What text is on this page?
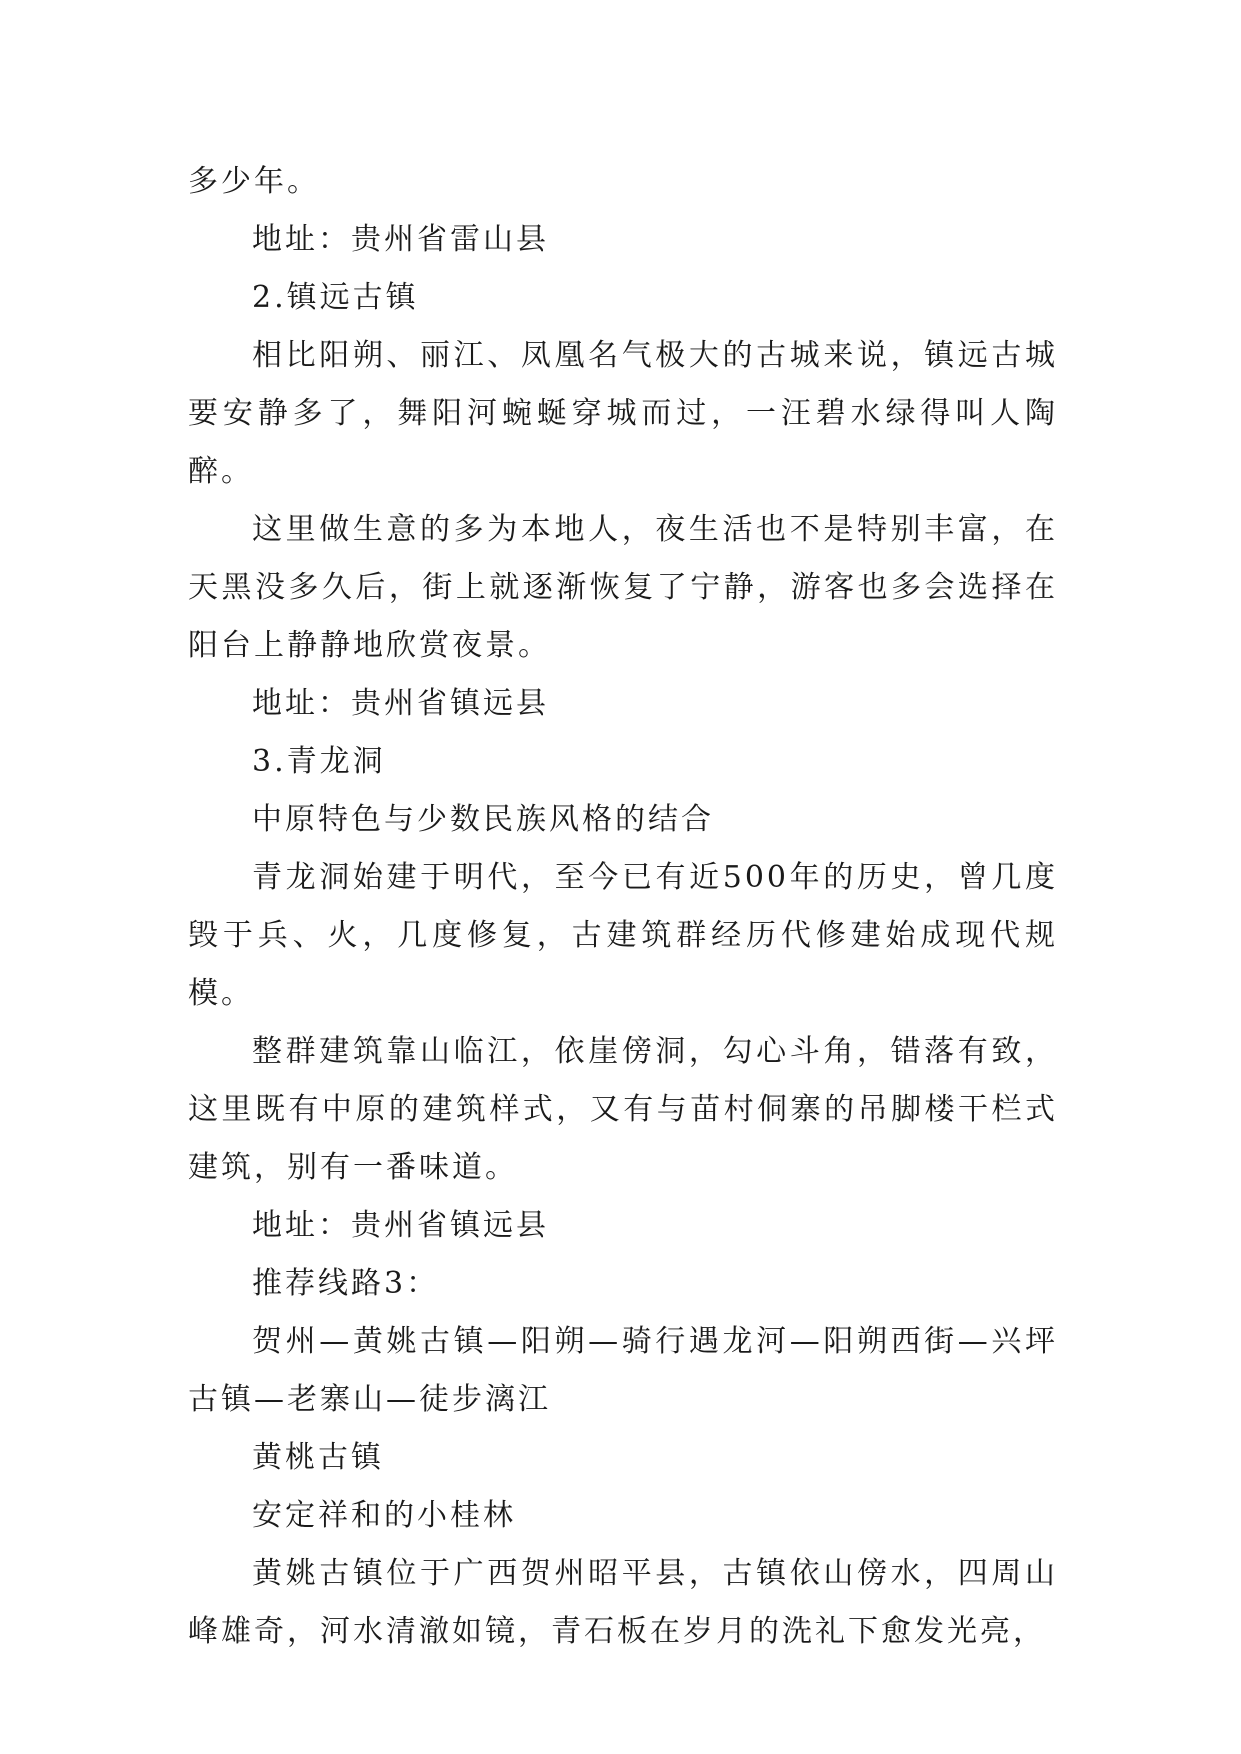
多少年。

地址：贵州省雷山县

2.镇远古镇

相比阳朔、丽江、凤凰名气极大的古城来说，镇远古城要安静多了，舞阳河蜿蜒穿城而过，一汪碧水绿得叫人陶醉。

这里做生意的多为本地人，夜生活也不是特别丰富，在天黑没多久后，街上就逐渐恢复了宁静，游客也多会选择在阳台上静静地欣赏夜景。

地址：贵州省镇远县

3.青龙洞

中原特色与少数民族风格的结合

青龙洞始建于明代，至今已有近500年的历史，曾几度毁于兵、火，几度修复，古建筑群经历代修建始成现代规模。

整群建筑靠山临江，依崖傍洞，勾心斗角，错落有致，这里既有中原的建筑样式，又有与苗村侗寨的吊脚楼干栏式建筑，别有一番味道。

地址：贵州省镇远县

推荐线路3：

贺州—黄姚古镇—阳朔—骑行遇龙河—阳朔西街—兴坪古镇—老寨山—徒步漓江

黄桃古镇

安定祥和的小桂林

黄姚古镇位于广西贺州昭平县，古镇依山傍水，四周山峰雄奇，河水清澈如镜，青石板在岁月的洗礼下愈发光亮，
